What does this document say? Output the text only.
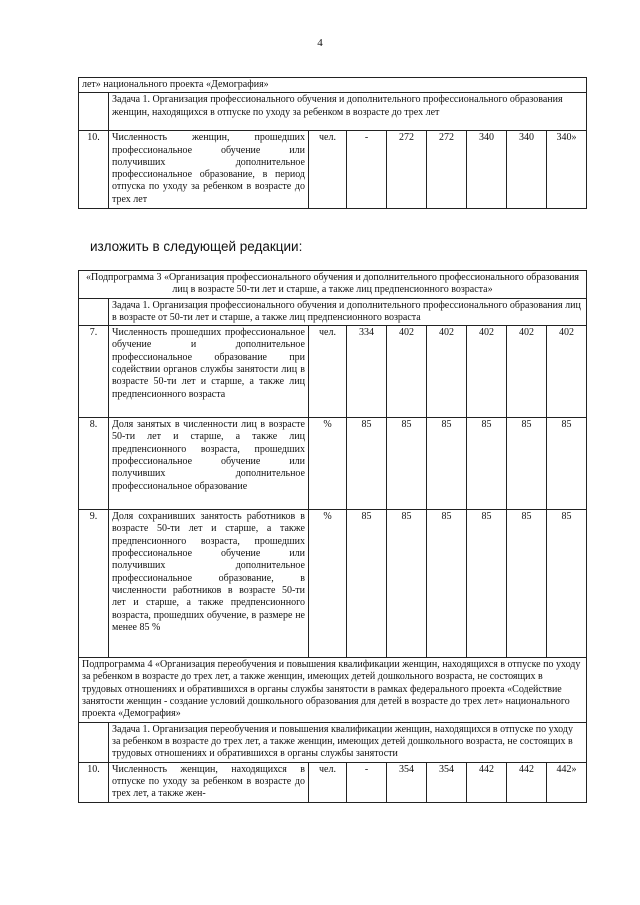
4
лет» национального проекта «Демография»								
	Задача 1. Организация профессионального обучения и дополнительного профессионального образования женщин, находящихся в отпуске по уходу за ребенком в возрасте до трех лет							
10.	Численность женщин, прошедших профессиональное обучение или получивших дополнительное профессиональное образование, в период отпуска по уходу за ребенком в возрасте до трех лет	чел.	-	272	272	340	340	340»
изложить в следующей редакции:
«Подпрограмма 3 «Организация профессионального обучения и дополнительного профессионального образования лиц в возрасте 50-ти лет и старше, а также лиц предпенсионного возраста»								
	Задача 1. Организация профессионального обучения и дополнительного профессионального образования лиц в возрасте от 50-ти лет и старше, а также лиц предпенсионного возраста							
7.	Численность прошедших профессиональное обучение и дополнительное профессиональное образование при содействии органов службы занятости лиц в возрасте 50-ти лет и старше, а также лиц предпенсионного возраста	чел.	334	402	402	402	402	402
8.	Доля занятых в численности лиц в возрасте 50-ти лет и старше, а также лиц предпенсионного возраста, прошедших профессиональное обучение или получивших дополнительное профессиональное образование	%	85	85	85	85	85	85
9.	Доля сохранивших занятость работников в возрасте 50-ти лет и старше, а также предпенсионного возраста, прошедших профессиональное обучение или получивших дополнительное профессиональное образование, в численности работников в возрасте 50-ти лет и старше, а также предпенсионного возраста, прошедших обучение, в размере не менее 85 %	%	85	85	85	85	85	85
Подпрограмма 4 «Организация переобучения и повышения квалификации женщин, находящихся в отпуске по уходу за ребенком в возрасте до трех лет, а также женщин, имеющих детей дошкольного возраста, не состоящих в трудовых отношениях и обратившихся в органы службы занятости в рамках федерального проекта «Содействие занятости женщин - создание условий дошкольного образования для детей в возрасте до трех лет» национального проекта «Демография»								
	Задача 1. Организация переобучения и повышения квалификации женщин, находящихся в отпуске по уходу за ребенком в возрасте до трех лет, а также женщин, имеющих детей дошкольного возраста, не состоящих в трудовых отношениях и обратившихся в органы службы занятости							
10.	Численность женщин, находящихся в отпуске по уходу за ребенком в возрасте до трех лет, а также жен-	чел.	-	354	354	442	442	442»
